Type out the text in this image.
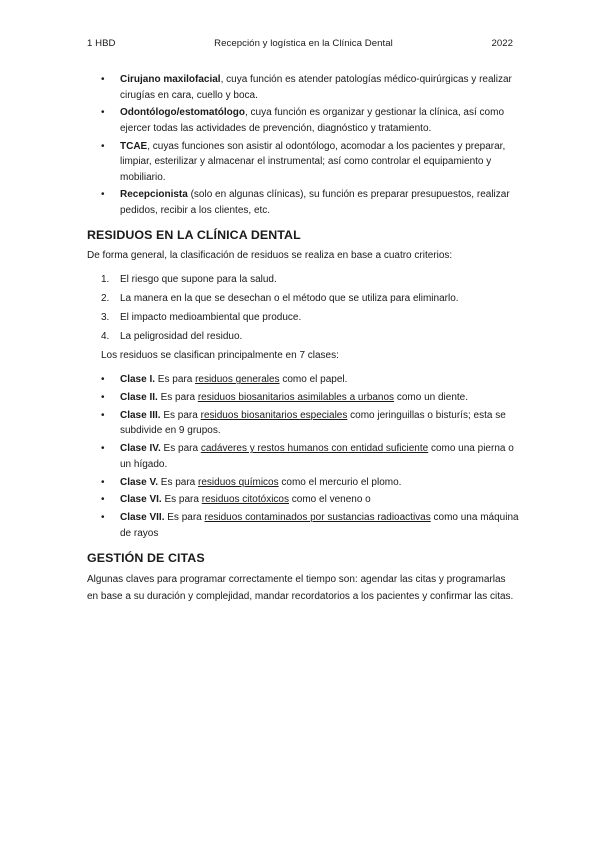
1 HBD	Recepción y logística en la Clínica Dental	2022
• Cirujano maxilofacial, cuya función es atender patologías médico-quirúrgicas y realizar cirugías en cara, cuello y boca.
• Odontólogo/estomatólogo, cuya función es organizar y gestionar la clínica, así como ejercer todas las actividades de prevención, diagnóstico y tratamiento.
• TCAE, cuyas funciones son asistir al odontólogo, acomodar a los pacientes y preparar, limpiar, esterilizar y almacenar el instrumental; así como controlar el equipamiento y mobiliario.
• Recepcionista (solo en algunas clínicas), su función es preparar presupuestos, realizar pedidos, recibir a los clientes, etc.
RESIDUOS EN LA CLÍNICA DENTAL

De forma general, la clasificación de residuos se realiza en base a cuatro criterios:

1. El riesgo que supone para la salud.
2. La manera en la que se desechan o el método que se utiliza para eliminarlo.
3. El impacto medioambiental que produce.
4. La peligrosidad del residuo.

Los residuos se clasifican principalmente en 7 clases:

• Clase I. Es para residuos generales como el papel.
• Clase II. Es para residuos biosanitarios asimilables a urbanos como un diente.
• Clase III. Es para residuos biosanitarios especiales como jeringuillas o bisturís; esta se subdivide en 9 grupos.
• Clase IV. Es para cadáveres y restos humanos con entidad suficiente como una pierna o un hígado.
• Clase V. Es para residuos químicos como el mercurio el plomo.
• Clase VI. Es para residuos citotóxicos como el veneno o
• Clase VII. Es para residuos contaminados por sustancias radioactivas como una máquina de rayos
GESTIÓN DE CITAS

Algunas claves para programar correctamente el tiempo son: agendar las citas y programarlas en base a su duración y complejidad, mandar recordatorios a los pacientes y confirmar las citas.
